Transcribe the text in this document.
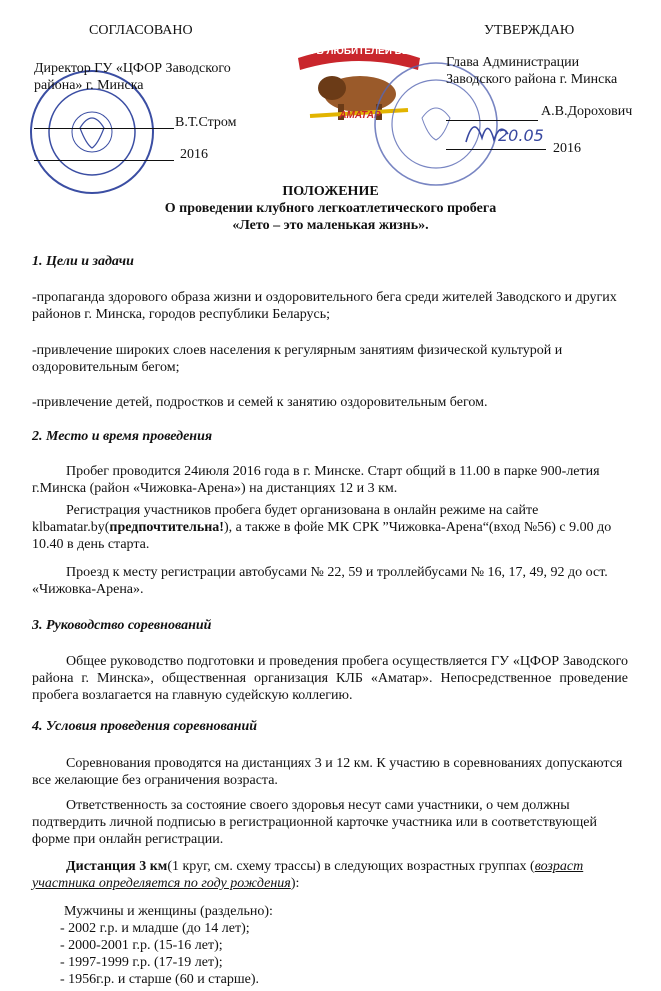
СОГЛАСОВАНО
Директор ГУ «ЦФОР Заводского
района» г. Минска
В.Т.Стром
2016
КЛУБ ЛЮБИТЕЛЕЙ БЕГА
АМАТАР
УТВЕРЖДАЮ
Глава Администрации
Заводского района г. Минска
А.В.Дорохович
20.05
2016
ПОЛОЖЕНИЕ
О проведении клубного легкоатлетического пробега
«Лето – это маленькая жизнь».
1. Цели и задачи

-пропаганда здорового образа жизни и оздоровительного бега среди жителей Заводского и других районов г. Минска, городов республики Беларусь;

-привлечение широких слоев населения к регулярным занятиям физической культурой и оздоровительным бегом;

-привлечение детей, подростков и семей к занятию оздоровительным бегом.

2. Место и время проведения

Пробег проводится 24июля 2016 года в г. Минске. Старт общий в 11.00 в парке 900-летия г.Минска (район «Чижовка-Арена») на дистанциях 12 и 3 км.

Регистрация участников пробега будет организована в онлайн режиме на сайте klbamatar.by(предпочтительна!), а также в фойе МК СРК ”Чижовка-Арена“(вход №56) с 9.00 до 10.40 в день старта.

Проезд к месту регистрации автобусами № 22, 59 и троллейбусами № 16, 17, 49, 92 до ост. «Чижовка-Арена».

3. Руководство соревнований

Общее руководство подготовки и проведения пробега осуществляется ГУ «ЦФОР Заводского района г. Минска», общественная организация КЛБ «Аматар». Непосредственное проведение пробега возлагается на главную судейскую коллегию.

4. Условия проведения соревнований

Соревнования проводятся на дистанциях 3 и 12 км. К участию в соревнованиях допускаются все желающие без ограничения возраста.

Ответственность за состояние своего здоровья несут сами участники, о чем должны подтвердить личной подписью в регистрационной карточке участника или в соответствующей форме при онлайн регистрации.

Дистанция 3 км(1 круг, см. схему трассы) в следующих возрастных группах (возраст участника определяется по году рождения):

Мужчины и женщины (раздельно):
- 2002 г.р. и младше (до 14 лет);
- 2000-2001 г.р. (15-16 лет);
- 1997-1999 г.р. (17-19 лет);
- 1956г.р. и старше (60 и старше).
